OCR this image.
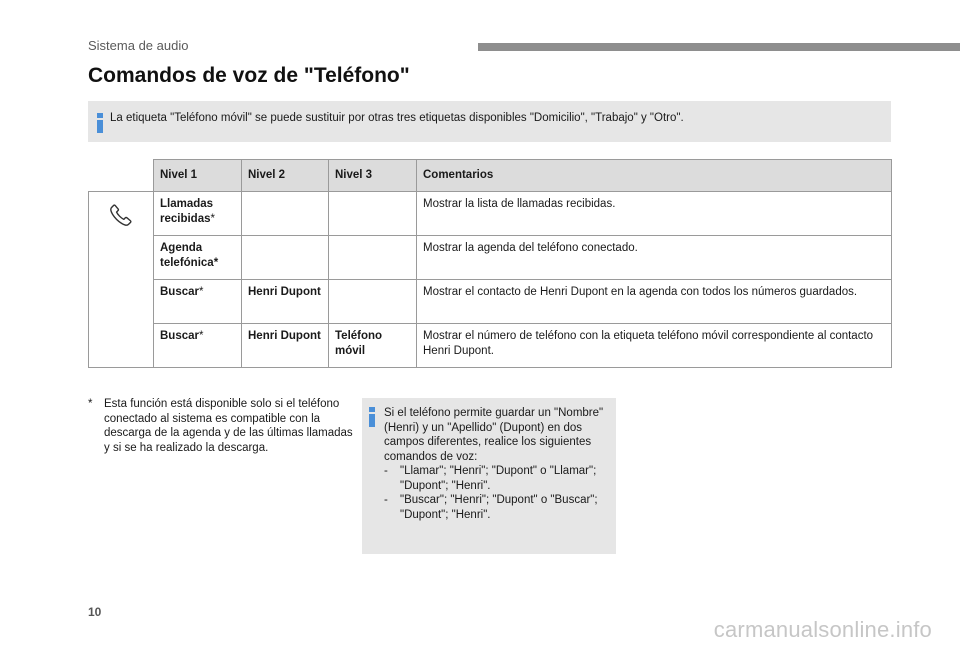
Sistema de audio
Comandos de voz de "Teléfono"
La etiqueta "Teléfono móvil" se puede sustituir por otras tres etiquetas disponibles "Domicilio", "Trabajo" y "Otro".
	Nivel 1	Nivel 2	Nivel 3	Comentarios
	Llamadas recibidas*			Mostrar la lista de llamadas recibidas.
	Agenda telefónica*			Mostrar la agenda del teléfono conectado.
	Buscar*	Henri Dupont		Mostrar el contacto de Henri Dupont en la agenda con todos los números guardados.
	Buscar*	Henri Dupont	Teléfono móvil	Mostrar el número de teléfono con la etiqueta teléfono móvil correspondiente al contacto Henri Dupont.
* Esta función está disponible solo si el teléfono conectado al sistema es compatible con la descarga de la agenda y de las últimas llamadas y si se ha realizado la descarga.
Si el teléfono permite guardar un "Nombre" (Henri) y un "Apellido" (Dupont) en dos campos diferentes, realice los siguientes comandos de voz:
- "Llamar"; "Henri"; "Dupont" o "Llamar"; "Dupont"; "Henri".
- "Buscar"; "Henri"; "Dupont" o "Buscar"; "Dupont"; "Henri".
10
carmanualsonline.info
